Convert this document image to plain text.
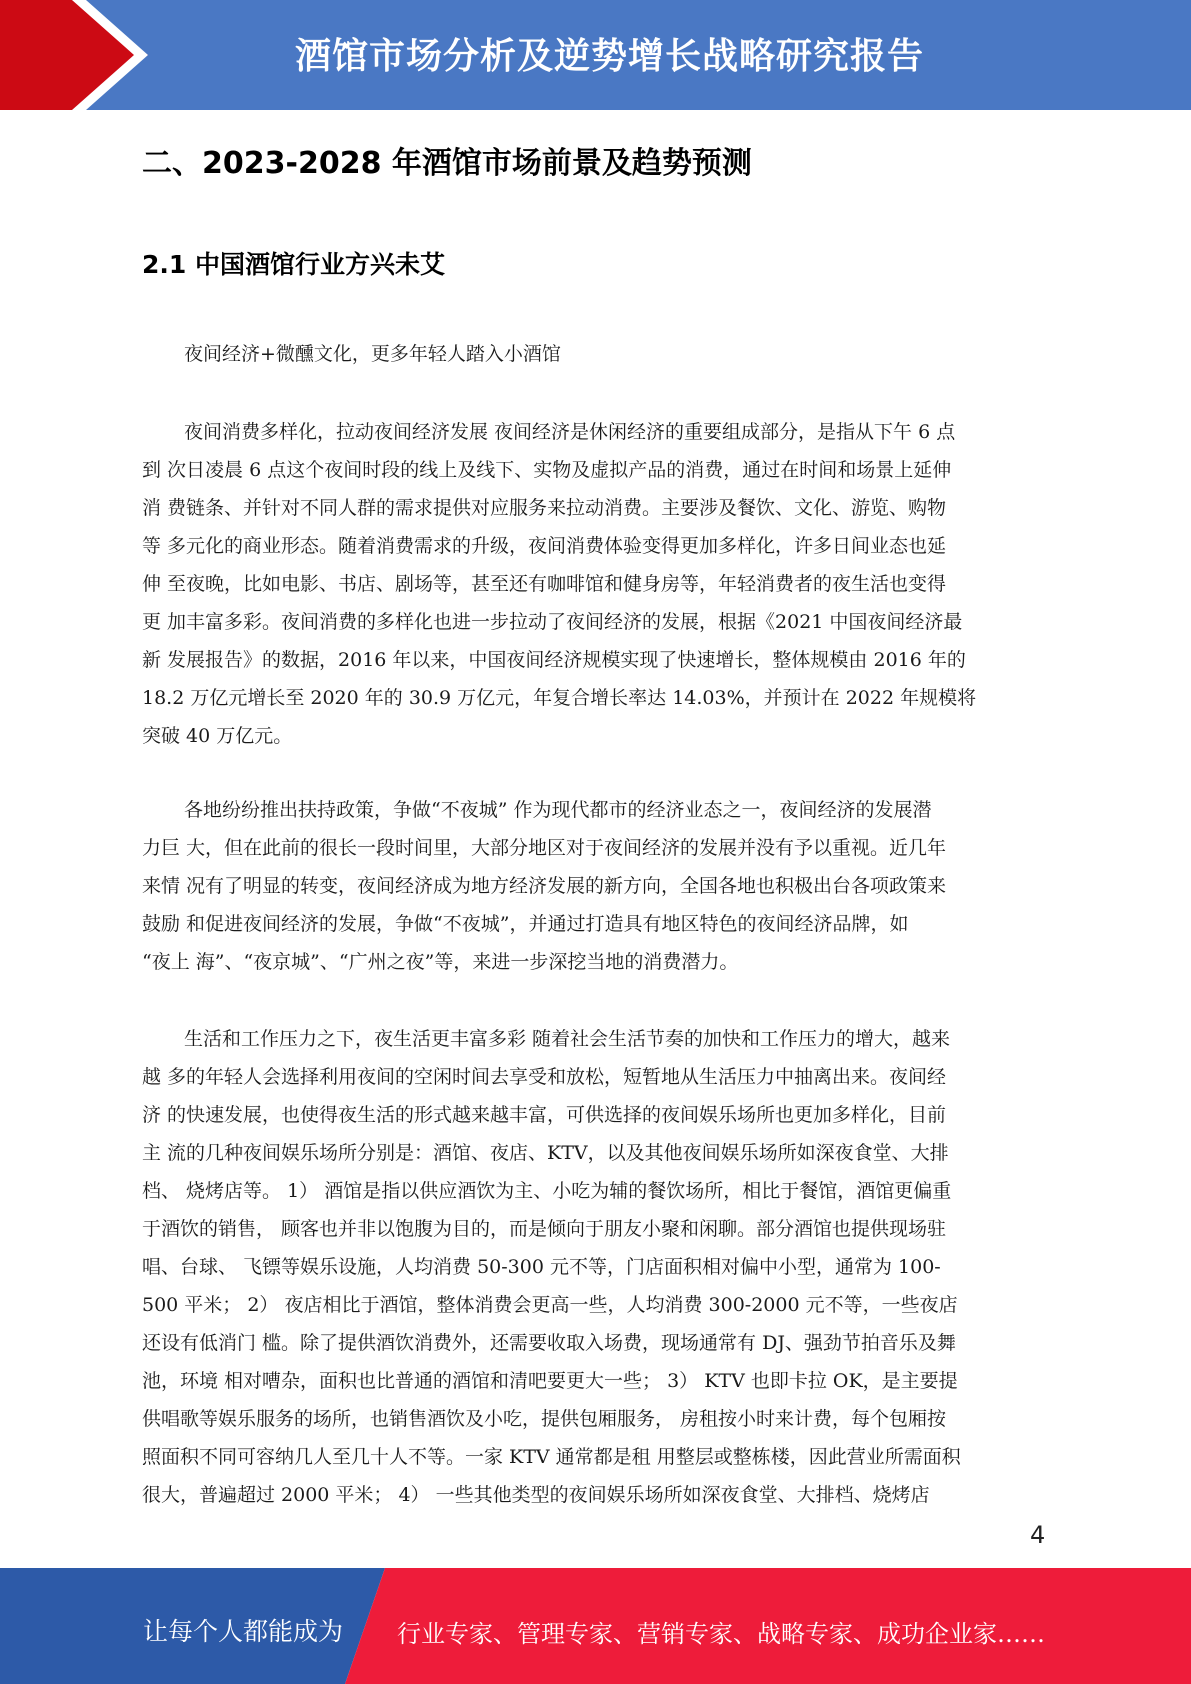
酒馆市场分析及逆势增长战略研究报告
二、2023-2028 年酒馆市场前景及趋势预测
2.1 中国酒馆行业方兴未艾
夜间经济+微醺文化，更多年轻人踏入小酒馆
夜间消费多样化，拉动夜间经济发展 夜间经济是休闲经济的重要组成部分，是指从下午 6 点
到 次日凌晨 6 点这个夜间时段的线上及线下、实物及虚拟产品的消费，通过在时间和场景上延伸
消 费链条、并针对不同人群的需求提供对应服务来拉动消费。主要涉及餐饮、文化、游览、购物
等 多元化的商业形态。随着消费需求的升级，夜间消费体验变得更加多样化，许多日间业态也延
伸 至夜晚，比如电影、书店、剧场等，甚至还有咖啡馆和健身房等，年轻消费者的夜生活也变得
更 加丰富多彩。夜间消费的多样化也进一步拉动了夜间经济的发展，根据《2021 中国夜间经济最
新 发展报告》的数据，2016 年以来，中国夜间经济规模实现了快速增长，整体规模由 2016 年的
18.2 万亿元增长至 2020 年的 30.9 万亿元，年复合增长率达 14.03%，并预计在 2022 年规模将
突破 40 万亿元。
各地纷纷推出扶持政策，争做“不夜城” 作为现代都市的经济业态之一，夜间经济的发展潜
力巨 大，但在此前的很长一段时间里，大部分地区对于夜间经济的发展并没有予以重视。近几年
来情 况有了明显的转变，夜间经济成为地方经济发展的新方向，全国各地也积极出台各项政策来
鼓励 和促进夜间经济的发展，争做“不夜城”，并通过打造具有地区特色的夜间经济品牌，如
“夜上 海”、“夜京城”、“广州之夜”等，来进一步深挖当地的消费潜力。
生活和工作压力之下，夜生活更丰富多彩 随着社会生活节奏的加快和工作压力的增大，越来
越 多的年轻人会选择利用夜间的空闲时间去享受和放松，短暂地从生活压力中抽离出来。夜间经
济 的快速发展，也使得夜生活的形式越来越丰富，可供选择的夜间娱乐场所也更加多样化，目前
主 流的几种夜间娱乐场所分别是：酒馆、夜店、KTV，以及其他夜间娱乐场所如深夜食堂、大排
档、 烧烤店等。 1） 酒馆是指以供应酒饮为主、小吃为辅的餐饮场所，相比于餐馆，酒馆更偏重
于酒饮的销售， 顾客也并非以饱腹为目的，而是倾向于朋友小聚和闲聊。部分酒馆也提供现场驻
唱、台球、 飞镖等娱乐设施，人均消费 50-300 元不等，门店面积相对偏中小型，通常为 100-
500 平米； 2） 夜店相比于酒馆，整体消费会更高一些，人均消费 300-2000 元不等，一些夜店
还设有低消门 槛。除了提供酒饮消费外，还需要收取入场费，现场通常有 DJ、强劲节拍音乐及舞
池，环境 相对嘈杂，面积也比普通的酒馆和清吧要更大一些； 3） KTV 也即卡拉 OK，是主要提
供唱歌等娱乐服务的场所，也销售酒饮及小吃，提供包厢服务， 房租按小时来计费，每个包厢按
照面积不同可容纳几人至几十人不等。一家 KTV 通常都是租 用整层或整栋楼，因此营业所需面积
很大，普遍超过 2000 平米； 4） 一些其他类型的夜间娱乐场所如深夜食堂、大排档、烧烤店
4
让每个人都能成为 行业专家、管理专家、营销专家、战略专家、成功企业家……
